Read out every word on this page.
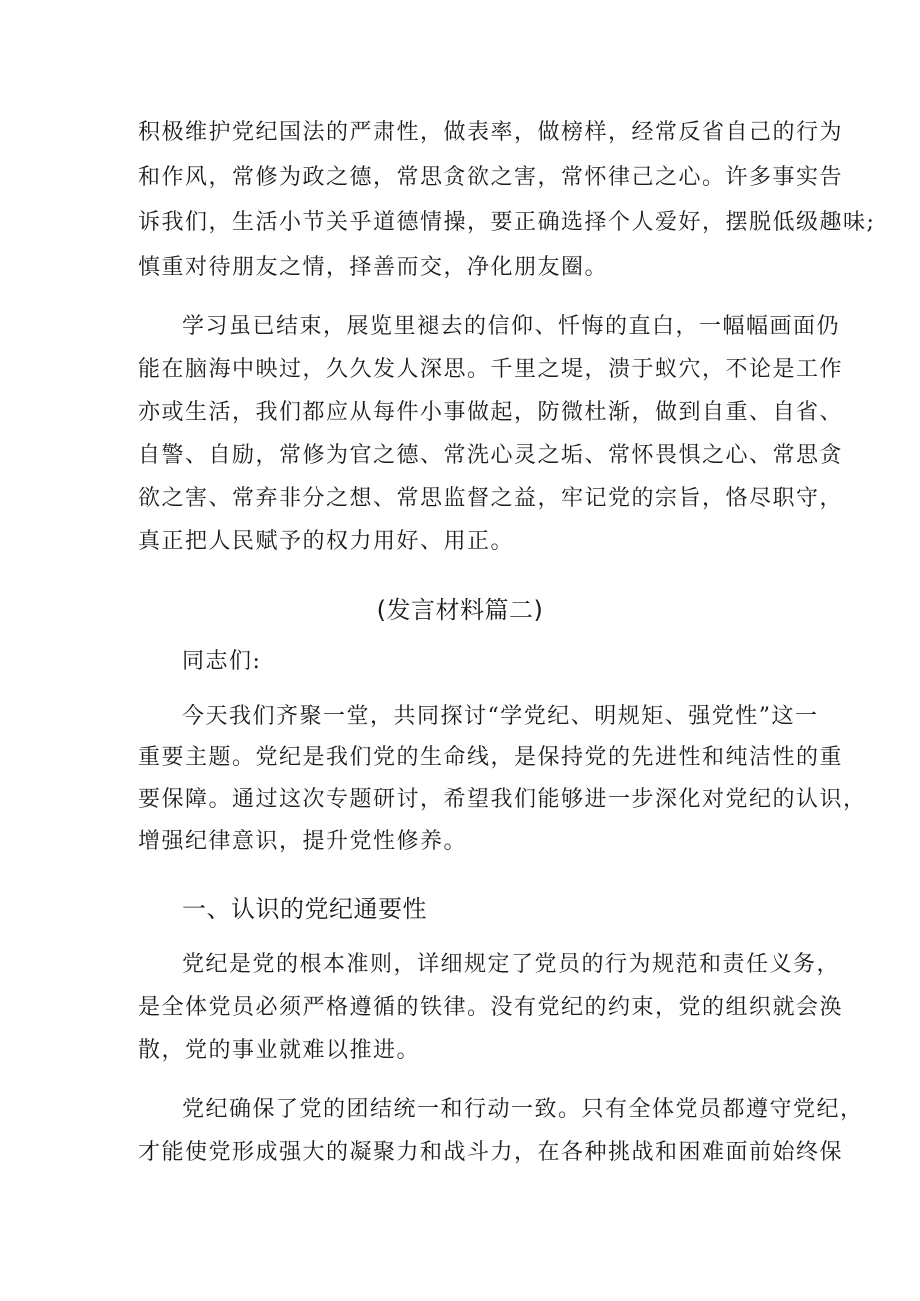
积极维护党纪国法的严肃性，做表率，做榜样，经常反省自己的行为
和作风，常修为政之德，常思贪欲之害，常怀律己之心。许多事实告
诉我们，生活小节关乎道德情操，要正确选择个人爱好，摆脱低级趣味;
慎重对待朋友之情，择善而交，净化朋友圈。
学习虽已结束，展览里褪去的信仰、忏悔的直白，一幅幅画面仍
能在脑海中映过，久久发人深思。千里之堤，溃于蚁穴，不论是工作
亦或生活，我们都应从每件小事做起，防微杜渐，做到自重、自省、
自警、自励，常修为官之德、常洗心灵之垢、常怀畏惧之心、常思贪
欲之害、常弃非分之想、常思监督之益，牢记党的宗旨，恪尽职守，
真正把人民赋予的权力用好、用正。
(发言材料篇二)
同志们:
今天我们齐聚一堂，共同探讨“学党纪、明规矩、强党性”这一
重要主题。党纪是我们党的生命线，是保持党的先进性和纯洁性的重
要保障。通过这次专题研讨，希望我们能够进一步深化对党纪的认识，
增强纪律意识，提升党性修养。
一、认识的党纪通要性
党纪是党的根本准则，详细规定了党员的行为规范和责任义务，
是全体党员必须严格遵循的铁律。没有党纪的约束，党的组织就会涣
散，党的事业就难以推进。
党纪确保了党的团结统一和行动一致。只有全体党员都遵守党纪，
才能使党形成强大的凝聚力和战斗力，在各种挑战和困难面前始终保
